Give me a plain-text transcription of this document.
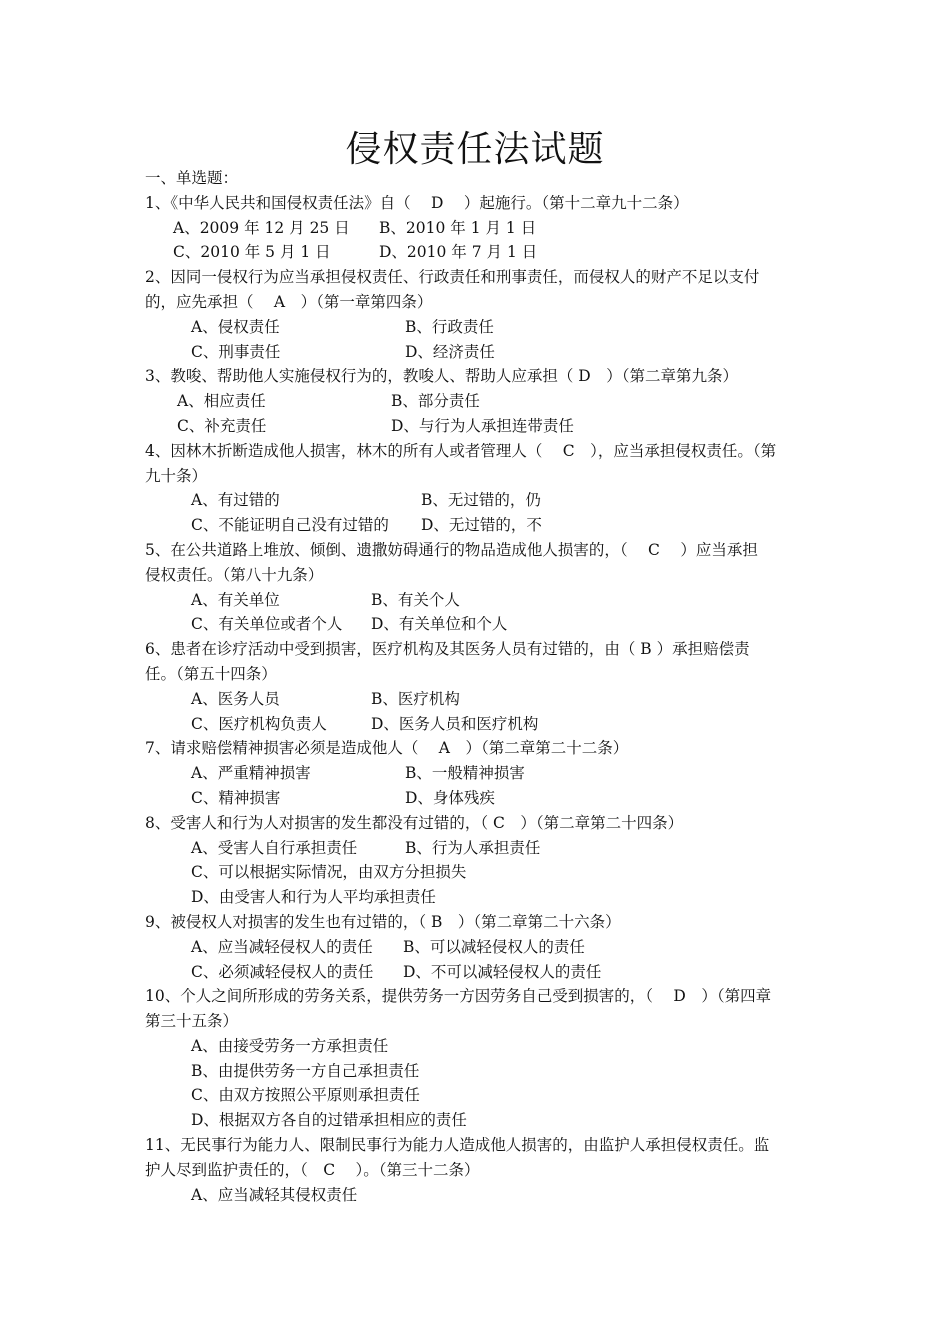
侵权责任法试题
一、单选题：
1、《中华人民共和国侵权责任法》自（　 D　 ）起施行。（第十二章九十二条）
A、2009 年 12 月 25 日	B、2010 年 1 月 1 日
C、2010 年 5 月 1 日	D、2010 年 7 月 1 日
2、因同一侵权行为应当承担侵权责任、行政责任和刑事责任，而侵权人的财产不足以支付
的，应先承担（　 A　）（第一章第四条）
A、侵权责任	B、行政责任
C、刑事责任	D、经济责任
3、教唆、帮助他人实施侵权行为的，教唆人、帮助人应承担（ D　）（第二章第九条）
A、相应责任	B、部分责任
C、补充责任	D、与行为人承担连带责任
4、因林木折断造成他人损害，林木的所有人或者管理人（　 C　），应当承担侵权责任。（第
九十条）
A、有过错的	B、无过错的，仍
C、不能证明自己没有过错的	D、无过错的，不
5、在公共道路上堆放、倾倒、遗撒妨碍通行的物品造成他人损害的，（　 C　 ）应当承担
侵权责任。（第八十九条）
A、有关单位	B、有关个人
C、有关单位或者个人	D、有关单位和个人
6、患者在诊疗活动中受到损害，医疗机构及其医务人员有过错的，由（ B ）承担赔偿责
任。（第五十四条）
A、医务人员	B、医疗机构
C、医疗机构负责人	D、医务人员和医疗机构
7、请求赔偿精神损害必须是造成他人（　 A　）（第二章第二十二条）
A、严重精神损害	B、一般精神损害
C、精神损害	D、身体残疾
8、受害人和行为人对损害的发生都没有过错的，（ C　）（第二章第二十四条）
A、受害人自行承担责任	B、行为人承担责任
C、可以根据实际情况，由双方分担损失
D、由受害人和行为人平均承担责任
9、被侵权人对损害的发生也有过错的，（ B　）（第二章第二十六条）
A、应当减轻侵权人的责任	B、可以减轻侵权人的责任
C、必须减轻侵权人的责任	D、不可以减轻侵权人的责任
10、个人之间所形成的劳务关系，提供劳务一方因劳务自己受到损害的，（　 D　）（第四章
第三十五条）
A、由接受劳务一方承担责任
B、由提供劳务一方自己承担责任
C、由双方按照公平原则承担责任
D、根据双方各自的过错承担相应的责任
11、无民事行为能力人、限制民事行为能力人造成他人损害的，由监护人承担侵权责任。监
护人尽到监护责任的，（　C　 ）。（第三十二条）
A、应当减轻其侵权责任
